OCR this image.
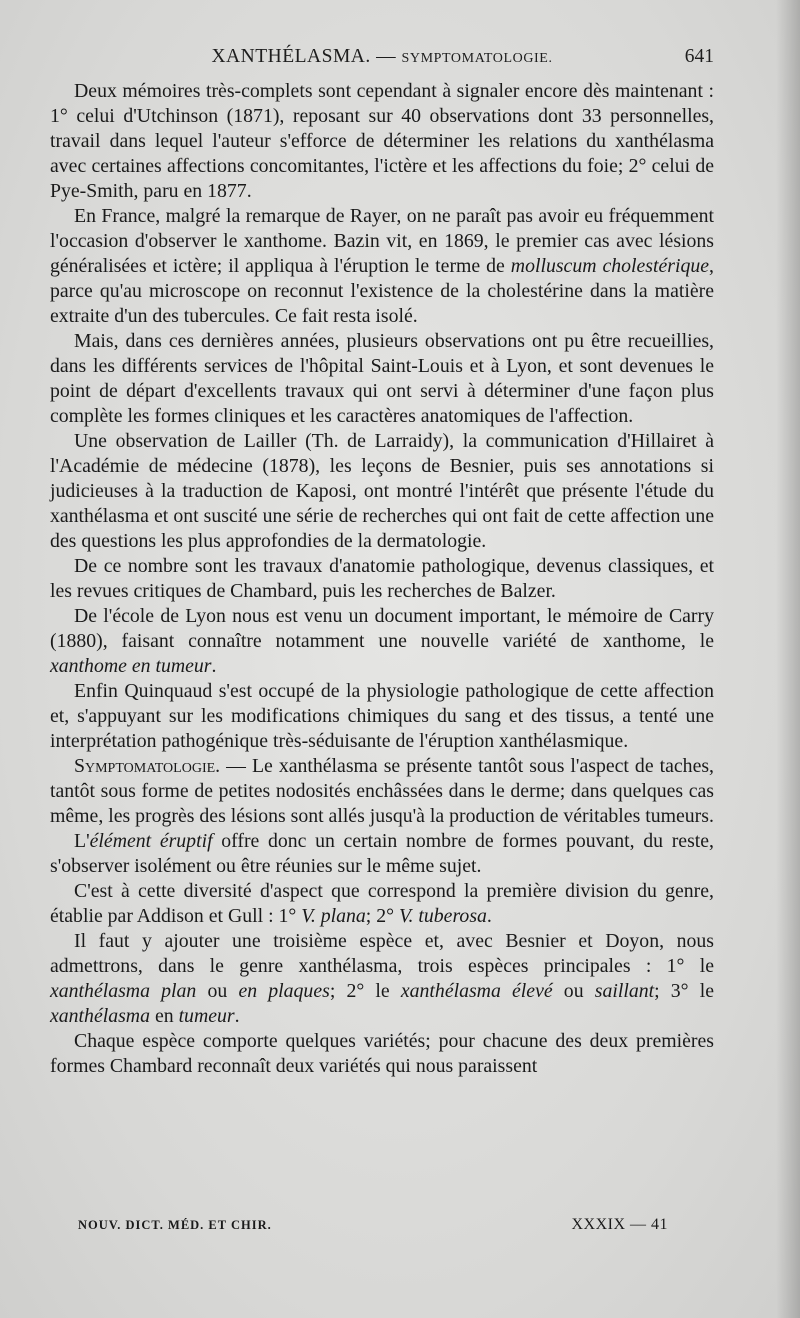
XANTHÉLASMA. — SYMPTOMATOLOGIE.	641

Deux mémoires très-complets sont cependant à signaler encore dès maintenant : 1° celui d'Utchinson (1871), reposant sur 40 observations dont 33 personnelles, travail dans lequel l'auteur s'efforce de déterminer les relations du xanthélasma avec certaines affections concomitantes, l'ictère et les affections du foie; 2° celui de Pye-Smith, paru en 1877.

En France, malgré la remarque de Rayer, on ne paraît pas avoir eu fréquemment l'occasion d'observer le xanthome. Bazin vit, en 1869, le premier cas avec lésions généralisées et ictère; il appliqua à l'éruption le terme de molluscum cholestérique, parce qu'au microscope on reconnut l'existence de la cholestérine dans la matière extraite d'un des tubercules. Ce fait resta isolé.

Mais, dans ces dernières années, plusieurs observations ont pu être recueillies, dans les différents services de l'hôpital Saint-Louis et à Lyon, et sont devenues le point de départ d'excellents travaux qui ont servi à déterminer d'une façon plus complète les formes cliniques et les caractères anatomiques de l'affection.

Une observation de Lailler (Th. de Larraidy), la communication d'Hillairet à l'Académie de médecine (1878), les leçons de Besnier, puis ses annotations si judicieuses à la traduction de Kaposi, ont montré l'intérêt que présente l'étude du xanthélasma et ont suscité une série de recherches qui ont fait de cette affection une des questions les plus approfondies de la dermatologie.

De ce nombre sont les travaux d'anatomie pathologique, devenus classiques, et les revues critiques de Chambard, puis les recherches de Balzer.

De l'école de Lyon nous est venu un document important, le mémoire de Carry (1880), faisant connaître notamment une nouvelle variété de xanthome, le xanthome en tumeur.

Enfin Quinquaud s'est occupé de la physiologie pathologique de cette affection et, s'appuyant sur les modifications chimiques du sang et des tissus, a tenté une interprétation pathogénique très-séduisante de l'éruption xanthélasmique.

Symptomatologie. — Le xanthélasma se présente tantôt sous l'aspect de taches, tantôt sous forme de petites nodosités enchâssées dans le derme; dans quelques cas même, les progrès des lésions sont allés jusqu'à la production de véritables tumeurs.

L'élément éruptif offre donc un certain nombre de formes pouvant, du reste, s'observer isolément ou être réunies sur le même sujet.

C'est à cette diversité d'aspect que correspond la première division du genre, établie par Addison et Gull : 1° V. plana; 2° V. tuberosa.

Il faut y ajouter une troisième espèce et, avec Besnier et Doyon, nous admettrons, dans le genre xanthélasma, trois espèces principales : 1° le xanthélasma plan ou en plaques; 2° le xanthélasma élevé ou saillant; 3° le xanthélasma en tumeur.

Chaque espèce comporte quelques variétés; pour chacune des deux premières formes Chambard reconnaît deux variétés qui nous paraissent

NOUV. DICT. MÉD. ET CHIR.	XXXIX — 41
